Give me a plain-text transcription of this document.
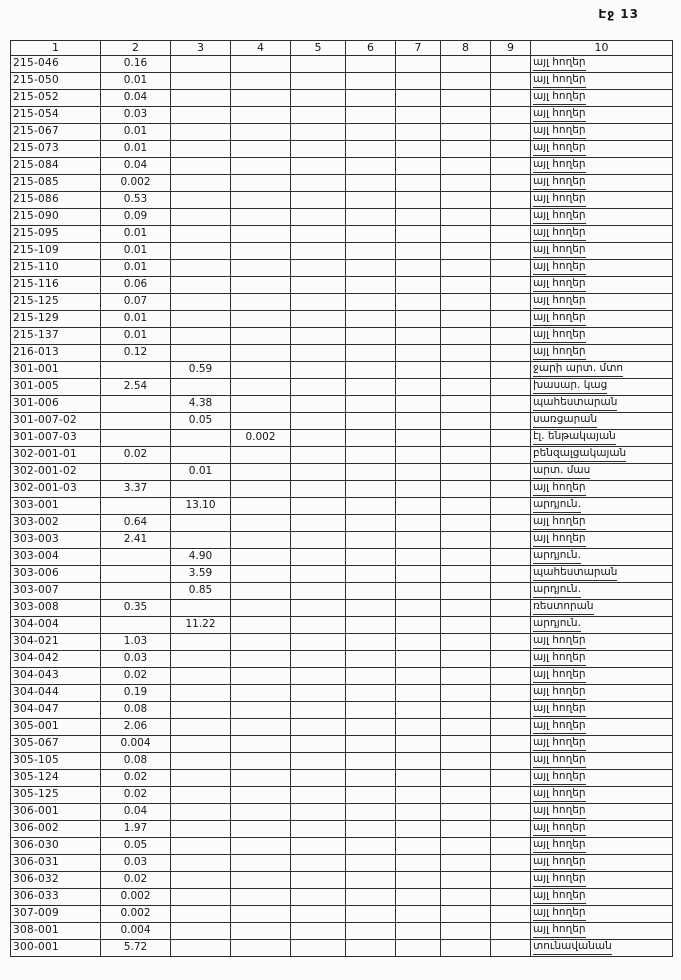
Էջ 13
1	2	3	4	5	6	7	8	9	10
215-046	0.16								այլ հողեր
215-050	0.01								այլ հողեր
215-052	0.04								այլ հողեր
215-054	0.03								այլ հողեր
215-067	0.01								այլ հողեր
215-073	0.01								այլ հողեր
215-084	0.04								այլ հողեր
215-085	0.002								այլ հողեր
215-086	0.53								այլ հողեր
215-090	0.09								այլ հողեր
215-095	0.01								այլ հողեր
215-109	0.01								այլ հողեր
215-110	0.01								այլ հողեր
215-116	0.06								այլ հողեր
215-125	0.07								այլ հողեր
215-129	0.01								այլ հողեր
215-137	0.01								այլ հողեր
216-013	0.12								այլ հողեր
301-001		0.59							ջարի արտ. մտո
301-005	2.54								խասար. կաց
301-006		4.38							պահեստարան
301-007-02		0.05							սառցարան
301-007-03			0.002						էլ. ենթակայան
302-001-01	0.02								բենզալցակայան
302-001-02		0.01							արտ. մաս
302-001-03	3.37								այլ հողեր
303-001		13.10							արդյուն.
303-002	0.64								այլ հողեր
303-003	2.41								այլ հողեր
303-004		4.90							արդյուն.
303-006		3.59							պահեստարան
303-007		0.85							արդյուն.
303-008	0.35								ռեստորան
304-004		11.22							արդյուն.
304-021	1.03								այլ հողեր
304-042	0.03								այլ հողեր
304-043	0.02								այլ հողեր
304-044	0.19								այլ հողեր
304-047	0.08								այլ հողեր
305-001	2.06								այլ հողեր
305-067	0.004								այլ հողեր
305-105	0.08								այլ հողեր
305-124	0.02								այլ հողեր
305-125	0.02								այլ հողեր
306-001	0.04								այլ հողեր
306-002	1.97								այլ հողեր
306-030	0.05								այլ հողեր
306-031	0.03								այլ հողեր
306-032	0.02								այլ հողեր
306-033	0.002								այլ հողեր
307-009	0.002								այլ հողեր
308-001	0.004								այլ հողեր
300-001	5.72								տունավանան
